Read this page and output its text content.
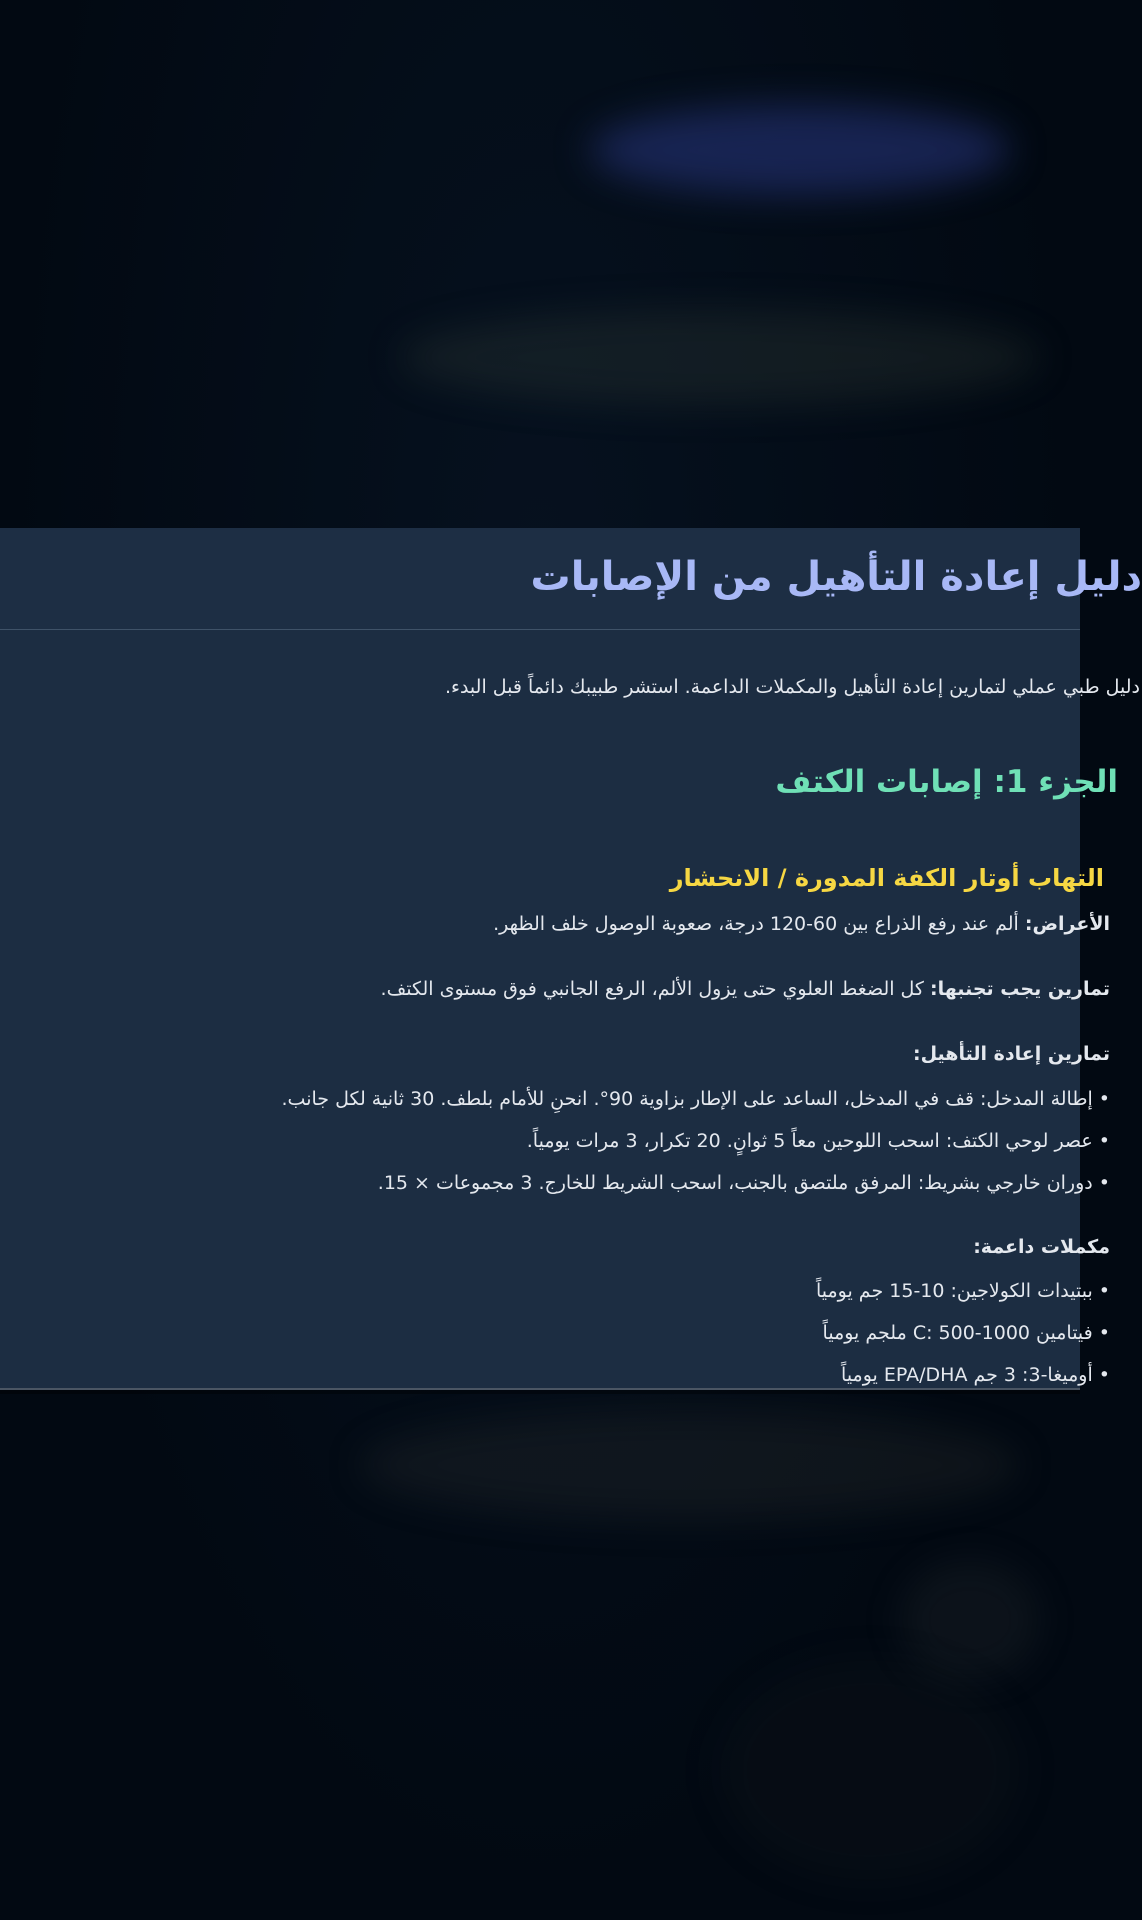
دليل إعادة التأهيل من الإصابات

دليل طبي عملي لتمارين إعادة التأهيل والمكملات الداعمة. استشر طبيبك دائماً قبل البدء.

الجزء 1: إصابات الكتف
التهاب أوتار الكفة المدورة / الانحشار

الأعراض: ألم عند رفع الذراع بين 60-120 درجة، صعوبة الوصول خلف الظهر.

تمارين يجب تجنبها: كل الضغط العلوي حتى يزول الألم، الرفع الجانبي فوق مستوى الكتف.

تمارين إعادة التأهيل:

• إطالة المدخل: قف في المدخل، الساعد على الإطار بزاوية 90°. انحنِ للأمام بلطف. 30 ثانية لكل جانب.

• عصر لوحي الكتف: اسحب اللوحين معاً 5 ثوانٍ. 20 تكرار، 3 مرات يومياً.

• دوران خارجي بشريط: المرفق ملتصق بالجنب، اسحب الشريط للخارج. 3 مجموعات × 15.

مكملات داعمة:

• ببتيدات الكولاجين: 10-15 جم يومياً

• فيتامين C: 500-1000 ملجم يومياً

• أوميغا-3: 3 جم EPA/DHA يومياً
